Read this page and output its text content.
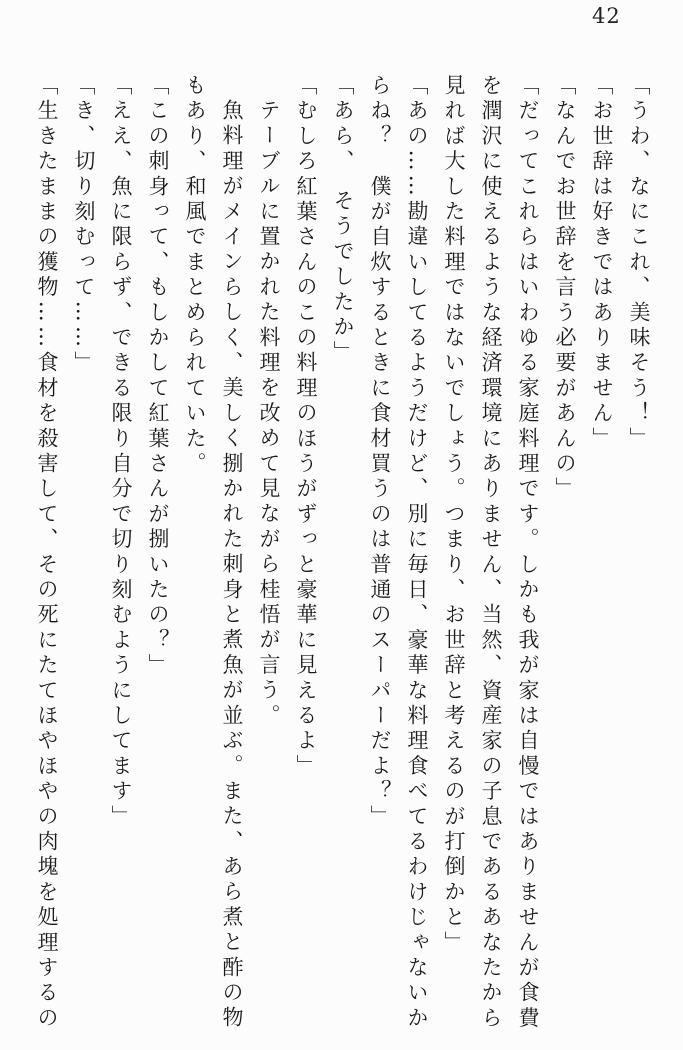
42
「うわ、なにこれ、美味そう！」
「お世辞は好きではありません」
「なんでお世辞を言う必要があんの」
「だってこれらはいわゆる家庭料理です。しかも我が家は自慢ではありませんが食費
を潤沢に使えるような経済環境にありません、当然、資産家の子息であるあなたから
見れば大した料理ではないでしょう。つまり、お世辞と考えるのが打倒かと」
「あの……勘違いしてるようだけど、別に毎日、豪華な料理食べてるわけじゃないか
らね？　僕が自炊するときに食材買うのは普通のスーパーだよ？」
「あら、　そうでしたか」
「むしろ紅葉さんのこの料理のほうがずっと豪華に見えるよ」
テーブルに置かれた料理を改めて見ながら桂悟が言う。
魚料理がメインらしく、美しく捌かれた刺身と煮魚が並ぶ。また、あら煮と酢の物
もあり、和風でまとめられていた。
「この刺身って、もしかして紅葉さんが捌いたの？」
「ええ、魚に限らず、できる限り自分で切り刻むようにしてます」
「き、切り刻むって……」
「生きたままの獲物……食材を殺害して、その死にたてほやほやの肉塊を処理するの
